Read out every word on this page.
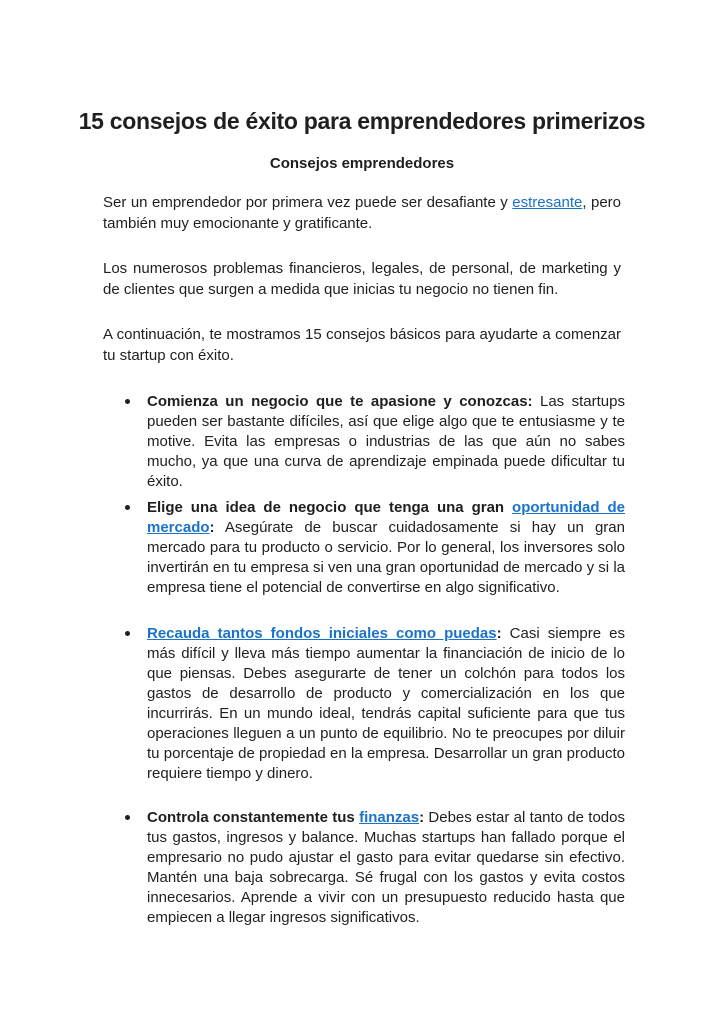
15 consejos de éxito para emprendedores primerizos
Consejos emprendedores

Ser un emprendedor por primera vez puede ser desafiante y estresante, pero también muy emocionante y gratificante.

Los numerosos problemas financieros, legales, de personal, de marketing y de clientes que surgen a medida que inicias tu negocio no tienen fin.

A continuación, te mostramos 15 consejos básicos para ayudarte a comenzar tu startup con éxito.

Comienza un negocio que te apasione y conozcas: Las startups pueden ser bastante difíciles, así que elige algo que te entusiasme y te motive. Evita las empresas o industrias de las que aún no sabes mucho, ya que una curva de aprendizaje empinada puede dificultar tu éxito.
Elige una idea de negocio que tenga una gran oportunidad de mercado: Asegúrate de buscar cuidadosamente si hay un gran mercado para tu producto o servicio. Por lo general, los inversores solo invertirán en tu empresa si ven una gran oportunidad de mercado y si la empresa tiene el potencial de convertirse en algo significativo.
Recauda tantos fondos iniciales como puedas: Casi siempre es más difícil y lleva más tiempo aumentar la financiación de inicio de lo que piensas. Debes asegurarte de tener un colchón para todos los gastos de desarrollo de producto y comercialización en los que incurrirás. En un mundo ideal, tendrás capital suficiente para que tus operaciones lleguen a un punto de equilibrio. No te preocupes por diluir tu porcentaje de propiedad en la empresa. Desarrollar un gran producto requiere tiempo y dinero.
Controla constantemente tus finanzas: Debes estar al tanto de todos tus gastos, ingresos y balance. Muchas startups han fallado porque el empresario no pudo ajustar el gasto para evitar quedarse sin efectivo. Mantén una baja sobrecarga. Sé frugal con los gastos y evita costos innecesarios. Aprende a vivir con un presupuesto reducido hasta que empiecen a llegar ingresos significativos.
